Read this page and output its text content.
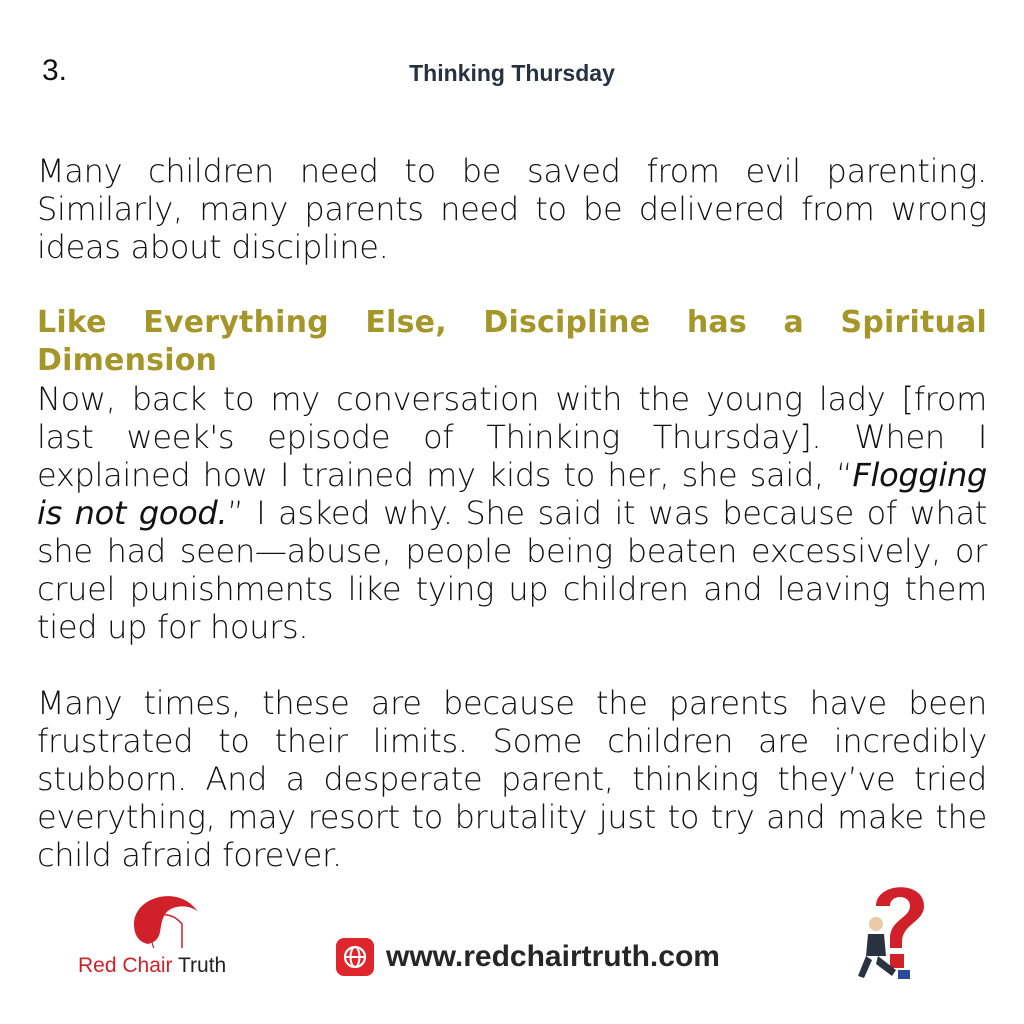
3.	Thinking Thursday

Many children need to be saved from evil parenting. Similarly, many parents need to be delivered from wrong ideas about discipline.

Like Everything Else, Discipline has a Spiritual Dimension

Now, back to my conversation with the young lady [from last week's episode of Thinking Thursday]. When I explained how I trained my kids to her, she said, “Flogging is not good.” I asked why. She said it was because of what she had seen—abuse, people being beaten excessively, or cruel punishments like tying up children and leaving them tied up for hours.

Many times, these are because the parents have been frustrated to their limits. Some children are incredibly stubborn. And a desperate parent, thinking they’ve tried everything, may resort to brutality just to try and make the child afraid forever.

Red Chair Truth	www.redchairtruth.com
